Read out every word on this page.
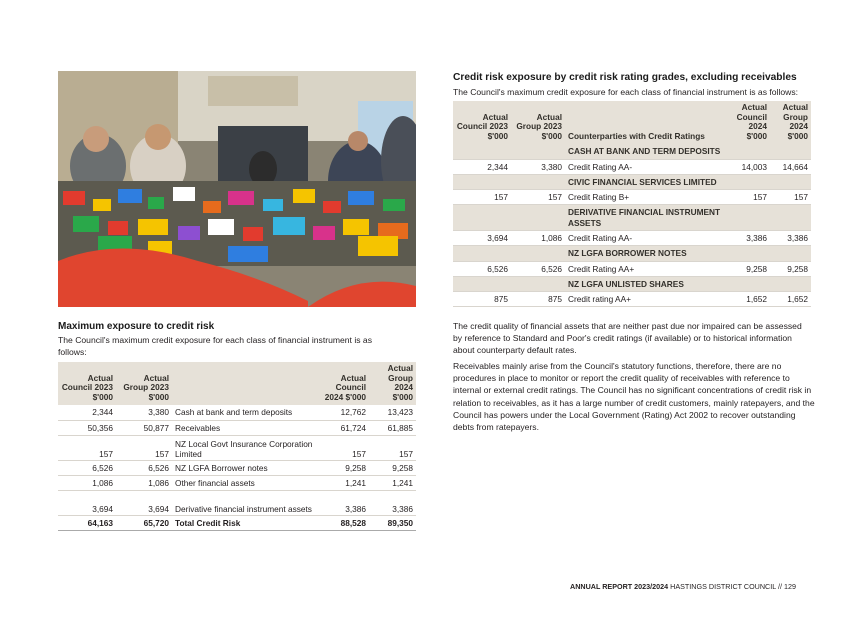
Maximum exposure to credit risk

The Council's maximum credit exposure for each class of financial instrument is as follows:

Actual Council 2023 $'000	Actual Group 2023 $'000		Actual Council 2024 $'000	Actual Group 2024 $'000
2,344	3,380	Cash at bank and term deposits	12,762	13,423
50,356	50,877	Receivables	61,724	61,885
157	157	NZ Local Govt Insurance Corporation Limited	157	157
6,526	6,526	NZ LGFA Borrower notes	9,258	9,258
1,086	1,086	Other financial assets	1,241	1,241
3,694	3,694	Derivative financial instrument assets	3,386	3,386
64,163	65,720	Total Credit Risk	88,528	89,350
Credit risk exposure by credit risk rating grades, excluding receivables

The Council's maximum credit exposure for each class of financial instrument is as follows:

Actual Council 2023 $'000	Actual Group 2023 $'000	Counterparties with Credit Ratings	Actual Council 2024 $'000	Actual Group 2024 $'000
		CASH AT BANK AND TERM DEPOSITS		
2,344	3,380	Credit Rating AA-	14,003	14,664
		CIVIC FINANCIAL SERVICES LIMITED		
157	157	Credit Rating B+	157	157
		DERIVATIVE FINANCIAL INSTRUMENT ASSETS		
3,694	1,086	Credit Rating AA-	3,386	3,386
		NZ LGFA BORROWER NOTES		
6,526	6,526	Credit Rating AA+	9,258	9,258
		NZ LGFA UNLISTED SHARES		
875	875	Credit rating AA+	1,652	1,652

The credit quality of financial assets that are neither past due nor impaired can be assessed by reference to Standard and Poor's credit ratings (if available) or to historical information about counterparty default rates.

Receivables mainly arise from the Council's statutory functions, therefore, there are no procedures in place to monitor or report the credit quality of receivables with reference to internal or external credit ratings. The Council has no significant concentrations of credit risk in relation to receivables, as it has a large number of credit customers, mainly ratepayers, and the Council has powers under the Local Government (Rating) Act 2002 to recover outstanding debts from ratepayers.

ANNUAL REPORT 2023/2024 HASTINGS DISTRICT COUNCIL // 129
